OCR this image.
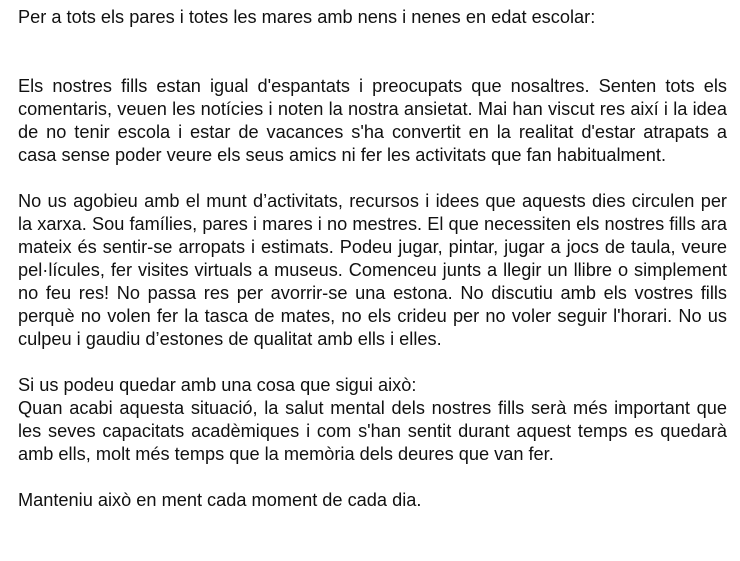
Per a tots els pares i totes les mares amb nens i nenes en edat escolar:
Els nostres fills estan igual d'espantats i preocupats que nosaltres. Senten tots els comentaris, veuen les notícies i noten la nostra ansietat. Mai han viscut res així i la idea de no tenir escola i estar de vacances s'ha convertit en la realitat d'estar atrapats a casa sense poder veure els seus amics ni fer les activitats que fan habitualment.
No us agobieu amb el munt d’activitats, recursos i idees que aquests dies circulen per la xarxa. Sou famílies, pares i mares i no mestres. El que necessiten els nostres fills ara mateix és sentir-se arropats i estimats. Podeu jugar, pintar, jugar a jocs de taula, veure pel·lícules, fer visites virtuals a museus. Comenceu junts a llegir un llibre o simplement no feu res! No passa res per avorrir-se una estona. No discutiu amb els vostres fills perquè no volen fer la tasca de mates, no els crideu per no voler seguir l'horari. No us culpeu i gaudiu d’estones de qualitat amb ells i elles.
Si us podeu quedar amb una cosa que sigui això:
Quan acabi aquesta situació, la salut mental dels nostres fills serà més important que les seves capacitats acadèmiques i com s'han sentit durant aquest temps es quedarà amb ells, molt més temps que la memòria dels deures que van fer.
Manteniu això en ment cada moment de cada dia.
